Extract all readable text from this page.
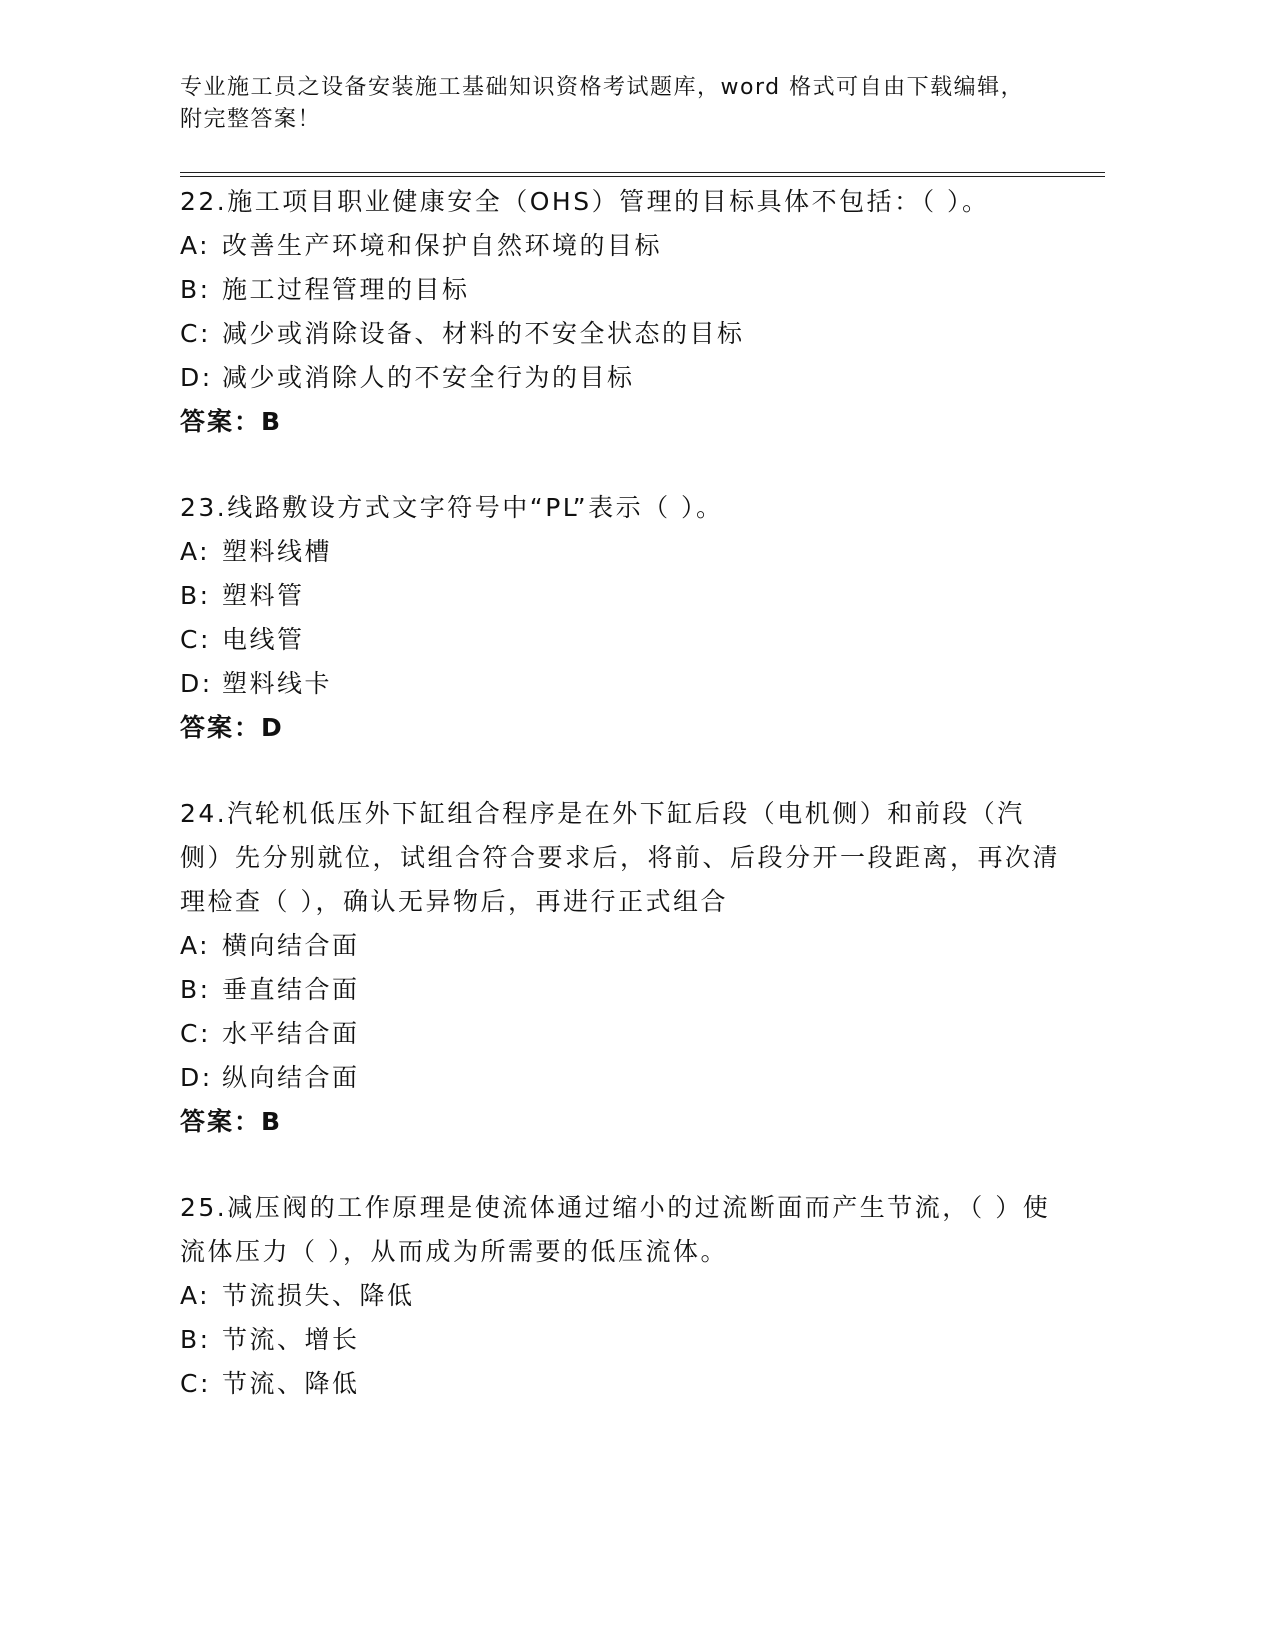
专业施工员之设备安装施工基础知识资格考试题库，word 格式可自由下载编辑，
附完整答案！

22.施工项目职业健康安全（OHS）管理的目标具体不包括：（ ）。

A: 改善生产环境和保护自然环境的目标

B: 施工过程管理的目标

C: 减少或消除设备、材料的不安全状态的目标

D: 减少或消除人的不安全行为的目标

答案：B

23.线路敷设方式文字符号中“PL”表示（ ）。

A: 塑料线槽

B: 塑料管

C: 电线管

D: 塑料线卡

答案：D

24.汽轮机低压外下缸组合程序是在外下缸后段（电机侧）和前段（汽侧）先分别就位，试组合符合要求后，将前、后段分开一段距离，再次清理检查（ ），确认无异物后，再进行正式组合

A: 横向结合面

B: 垂直结合面

C: 水平结合面

D: 纵向结合面

答案：B

25.减压阀的工作原理是使流体通过缩小的过流断面而产生节流，（ ）使流体压力（ ），从而成为所需要的低压流体。

A: 节流损失、降低

B: 节流、增长

C: 节流、降低
